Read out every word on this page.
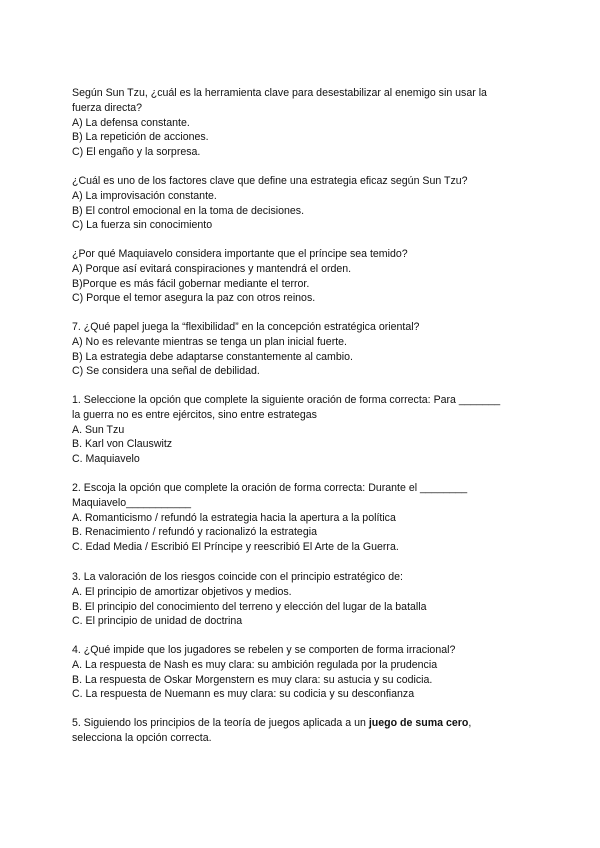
Según Sun Tzu, ¿cuál es la herramienta clave para desestabilizar al enemigo sin usar la
fuerza directa?
A) La defensa constante.
B) La repetición de acciones.
C) El engaño y la sorpresa.
¿Cuál es uno de los factores clave que define una estrategia eficaz según Sun Tzu?
A) La improvisación constante.
B) El control emocional en la toma de decisiones.
C) La fuerza sin conocimiento
¿Por qué Maquiavelo considera importante que el príncipe sea temido?
A) Porque así evitará conspiraciones y mantendrá el orden.
B)Porque es más fácil gobernar mediante el terror.
C) Porque el temor asegura la paz con otros reinos.
7. ¿Qué papel juega la “flexibilidad” en la concepción estratégica oriental?
A) No es relevante mientras se tenga un plan inicial fuerte.
B) La estrategia debe adaptarse constantemente al cambio.
C) Se considera una señal de debilidad.
1. Seleccione la opción que complete la siguiente oración de forma correcta: Para _______
la guerra no es entre ejércitos, sino entre estrategas
A. Sun Tzu
B. Karl von Clauswitz
C. Maquiavelo
2. Escoja la opción que complete la oración de forma correcta: Durante el ________
Maquiavelo___________
A. Romanticismo / refundó la estrategia hacia la apertura a la política
B. Renacimiento / refundó y racionalizó la estrategia
C. Edad Media / Escribió El Príncipe y reescribió El Arte de la Guerra.
3. La valoración de los riesgos coincide con el principio estratégico de:
A. El principio de amortizar objetivos y medios.
B. El principio del conocimiento del terreno y elección del lugar de la batalla
C. El principio de unidad de doctrina
4. ¿Qué impide que los jugadores se rebelen y se comporten de forma irracional?
A. La respuesta de Nash es muy clara: su ambición regulada por la prudencia
B. La respuesta de Oskar Morgenstern es muy clara: su astucia y su codicia.
C. La respuesta de Nuemann es muy clara: su codicia y su desconfianza
5. Siguiendo los principios de la teoría de juegos aplicada a un juego de suma cero,
selecciona la opción correcta.
